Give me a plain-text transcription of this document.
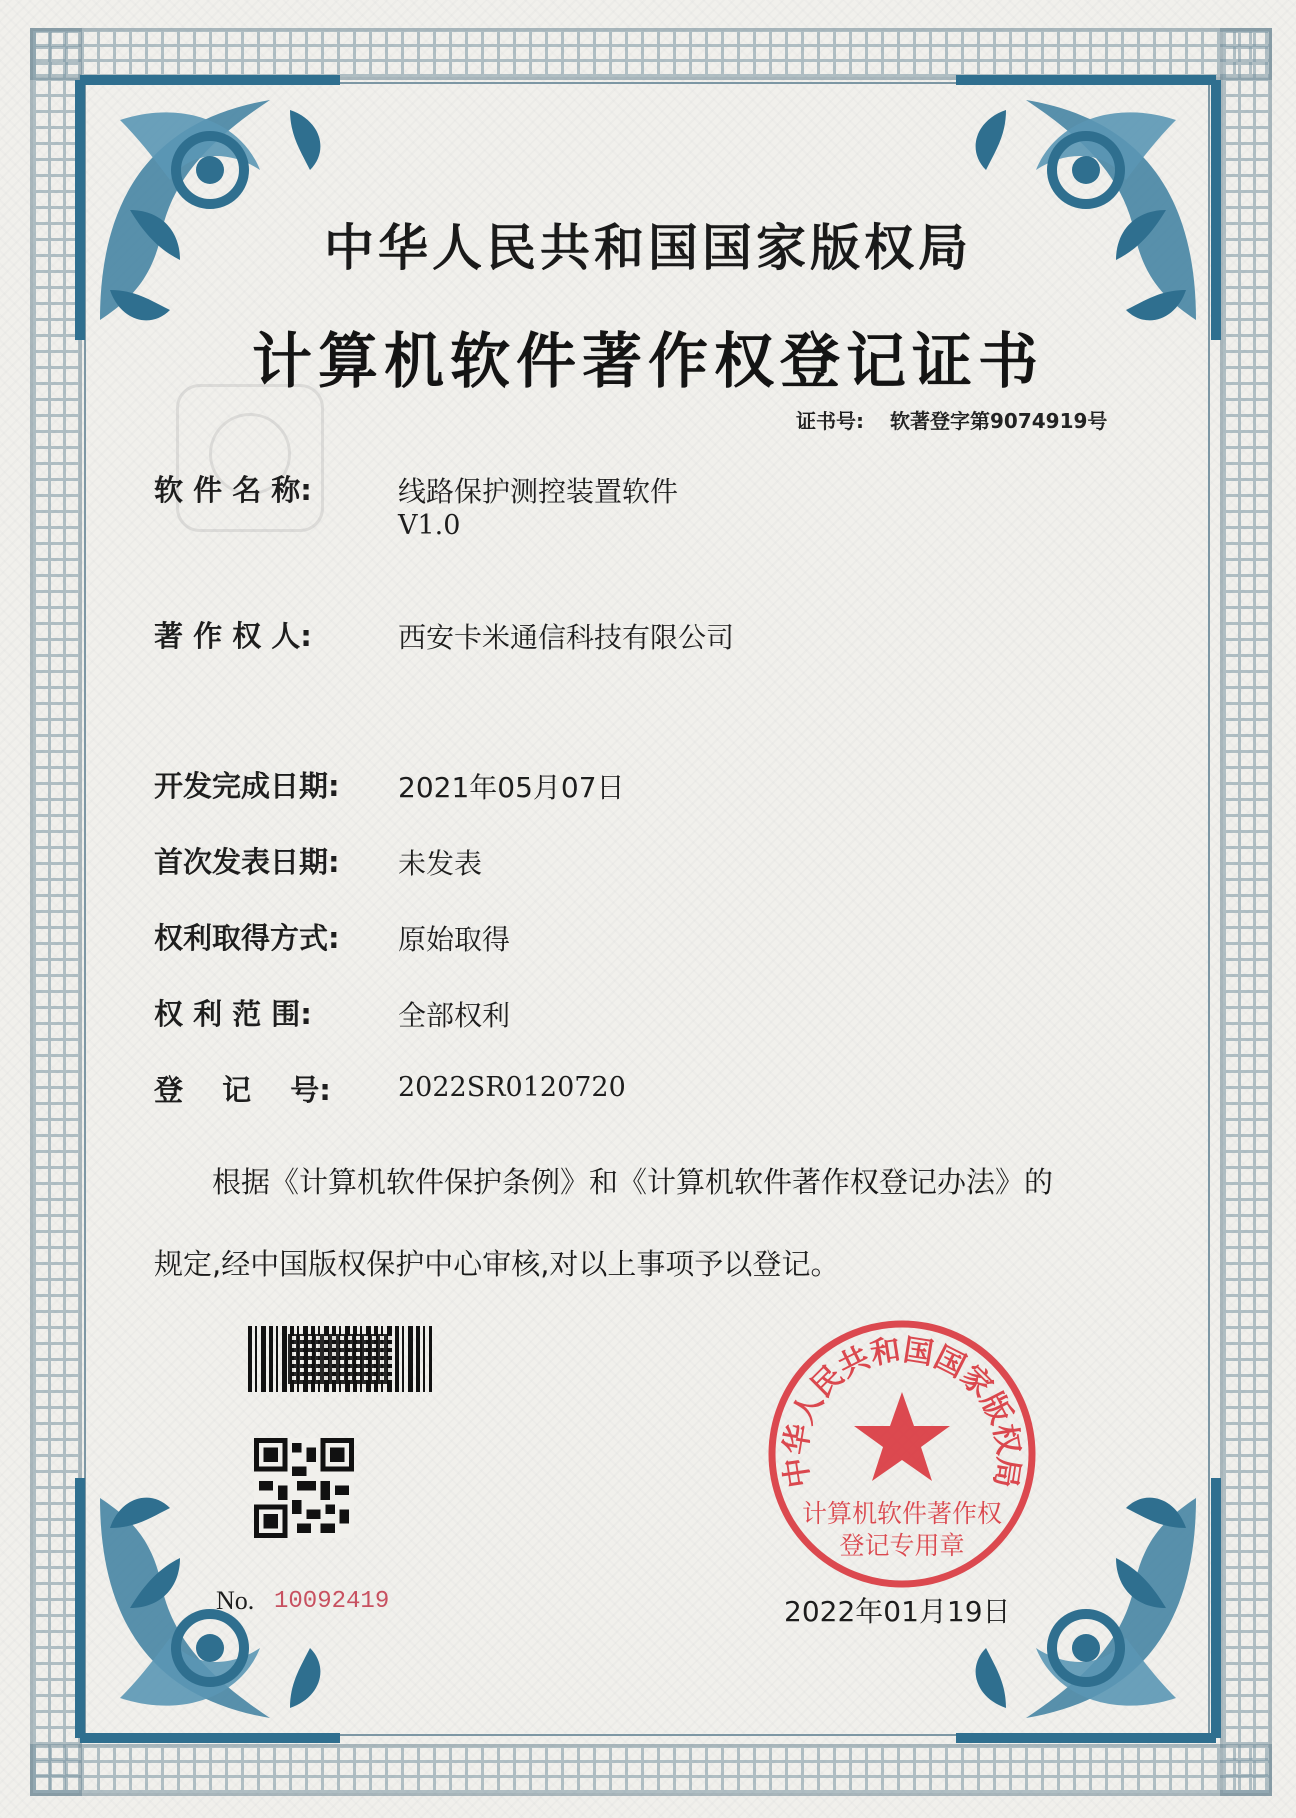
中华人民共和国国家版权局
计算机软件著作权登记证书
证书号: 软著登字第9074919号
软 件 名 称:	线路保护测控装置软件
V1.0
著 作 权 人:	西安卡米通信科技有限公司
开发完成日期: 2021年05月07日
首次发表日期: 未发表
权利取得方式: 原始取得
权 利 范 围:	全部权利
登　 记　 号: 2022SR0120720
根据《计算机软件保护条例》和《计算机软件著作权登记办法》的
规定,经中国版权保护中心审核,对以上事项予以登记。
No. 10092419
中华人民共和国国家版权局
计算机软件著作权
登记专用章
2022年01月19日
